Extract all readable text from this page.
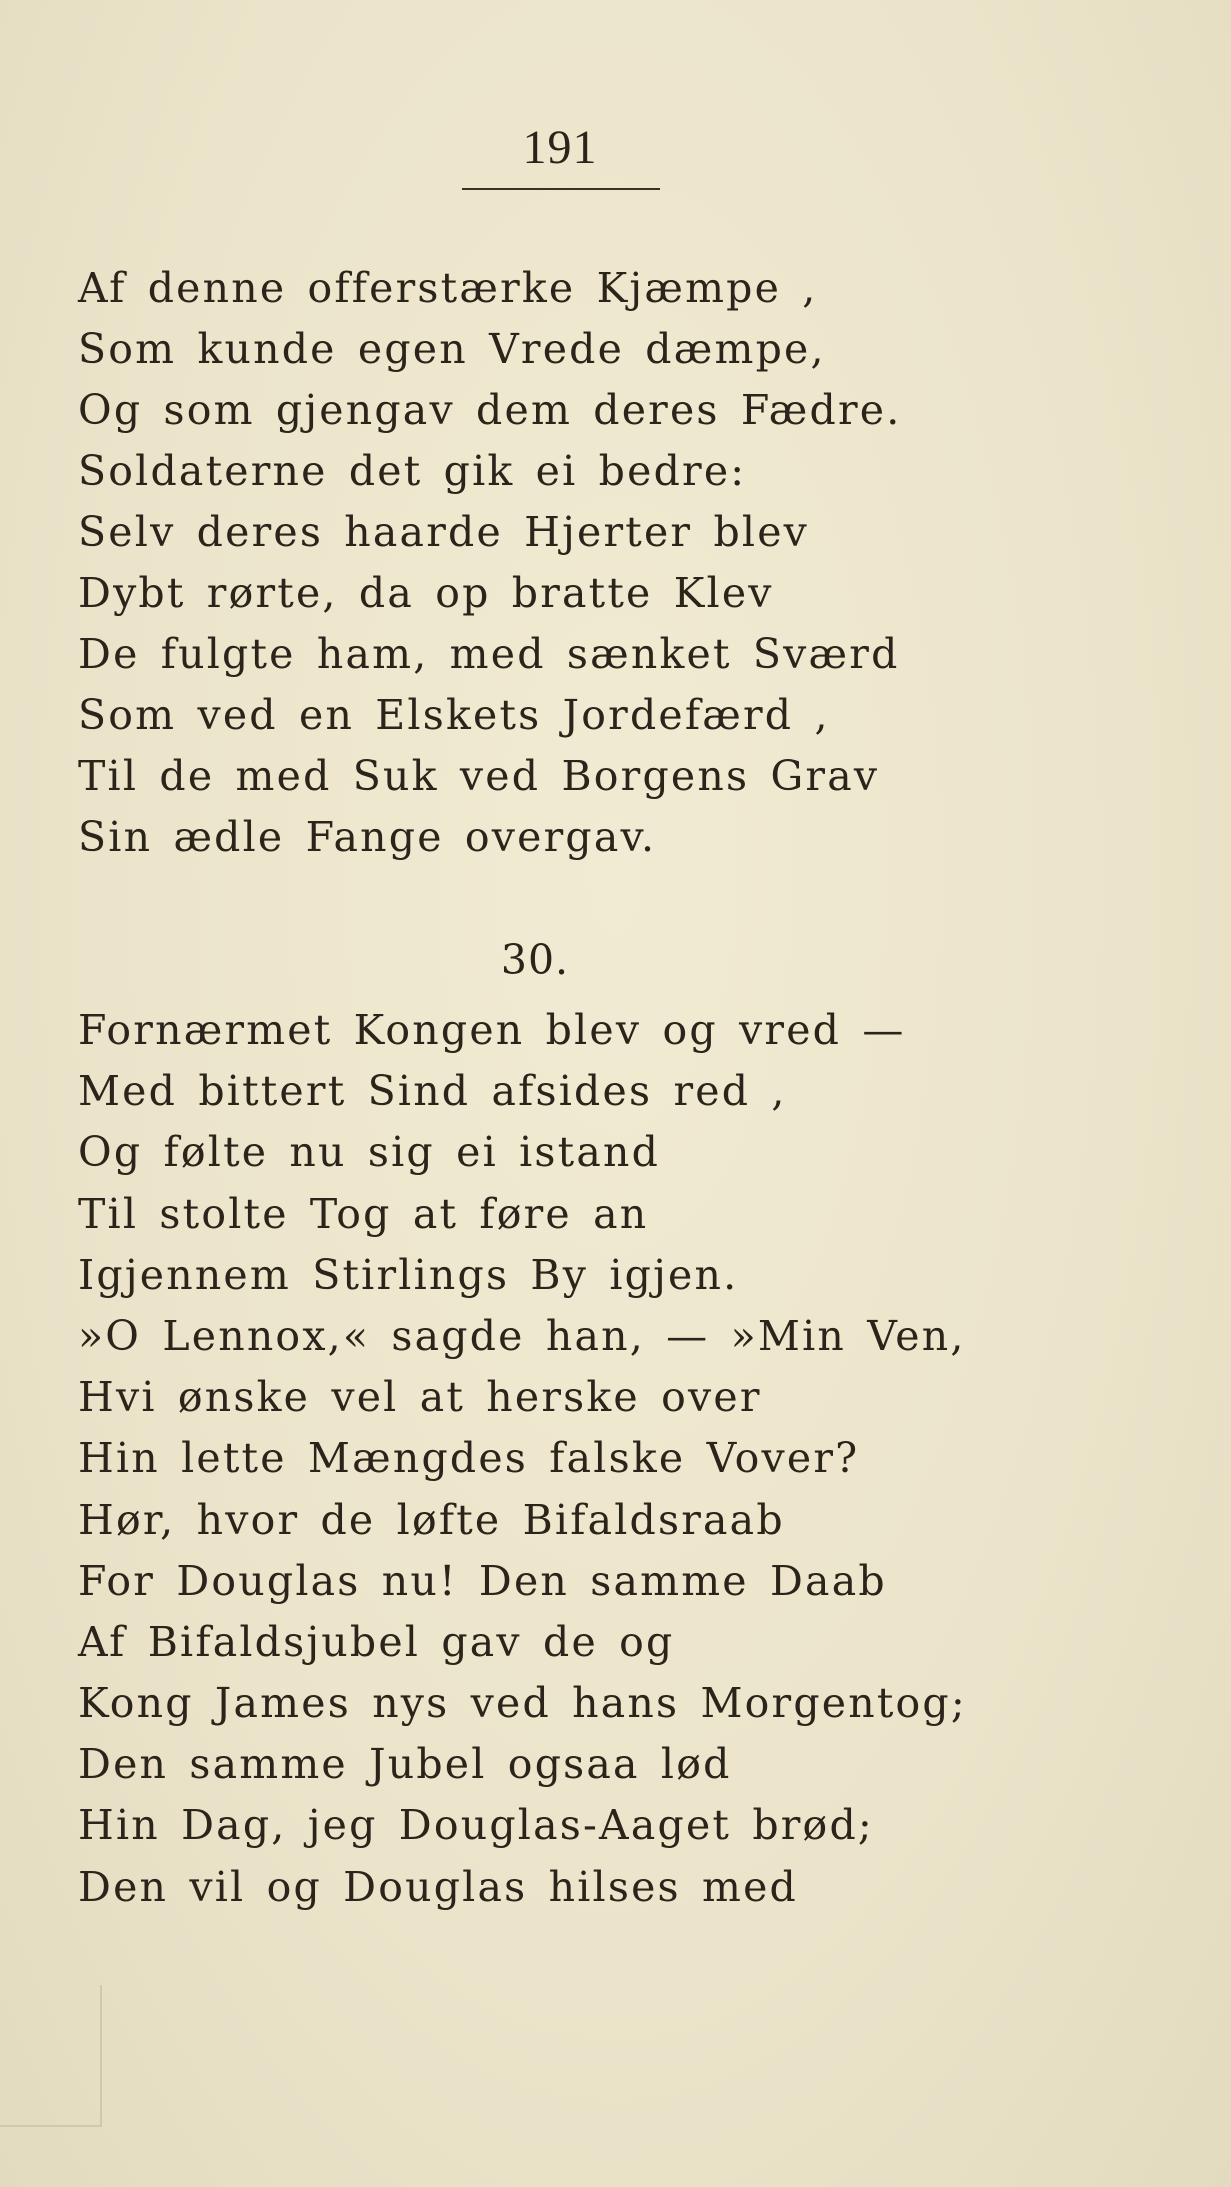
191
Af denne offerstærke Kjæmpe ,
Som kunde egen Vrede dæmpe,
Og som gjengav dem deres Fædre.
Soldaterne det gik ei bedre:
Selv deres haarde Hjerter blev
Dybt rørte, da op bratte Klev
De fulgte ham, med sænket Sværd
Som ved en Elskets Jordefærd ,
Til de med Suk ved Borgens Grav
Sin ædle Fange overgav.
30.
Fornærmet Kongen blev og vred —
Med bittert Sind afsides red ,
Og følte nu sig ei istand
Til stolte Tog at føre an
Igjennem Stirlings By igjen.
»O Lennox,« sagde han, — »Min Ven,
Hvi ønske vel at herske over
Hin lette Mængdes falske Vover?
Hør, hvor de løfte Bifaldsraab
For Douglas nu! Den samme Daab
Af Bifaldsjubel gav de og
Kong James nys ved hans Morgentog;
Den samme Jubel ogsaa lød
Hin Dag, jeg Douglas-Aaget brød;
Den vil og Douglas hilses med
